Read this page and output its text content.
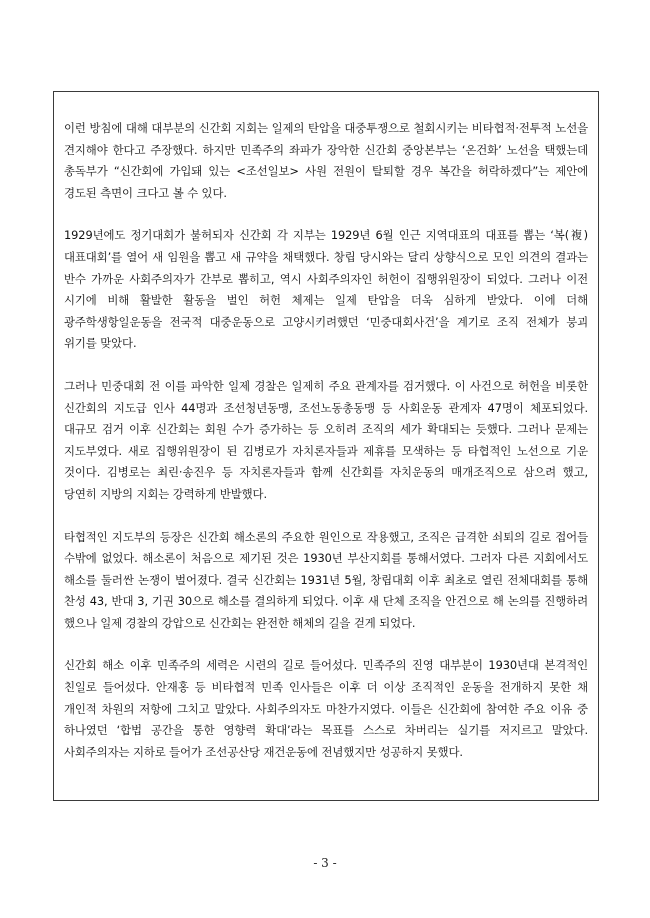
이런 방침에 대해 대부분의 신간회 지회는 일제의 탄압을 대중투쟁으로 철회시키는 비타협적·전투적 노선을 견지해야 한다고 주장했다. 하지만 민족주의 좌파가 장악한 신간회 중앙본부는 ‘온건화’ 노선을 택했는데 총독부가 “신간회에 가입돼 있는 <조선일보> 사원 전원이 탈퇴할 경우 복간을 허락하겠다”는 제안에 경도된 측면이 크다고 볼 수 있다.

1929년에도 정기대회가 불허되자 신간회 각 지부는 1929년 6월 인근 지역대표의 대표를 뽑는 ‘복(複)대표대회’를 열어 새 임원을 뽑고 새 규약을 채택했다. 창립 당시와는 달리 상향식으로 모인 의견의 결과는 반수 가까운 사회주의자가 간부로 뽑히고, 역시 사회주의자인 허헌이 집행위원장이 되었다. 그러나 이전 시기에 비해 활발한 활동을 벌인 허헌 체제는 일제 탄압을 더욱 심하게 받았다. 이에 더해 광주학생항일운동을 전국적 대중운동으로 고양시키려했던 ‘민중대회사건’을 계기로 조직 전체가 붕괴 위기를 맞았다.

그러나 민중대회 전 이를 파악한 일제 경찰은 일제히 주요 관계자를 검거했다. 이 사건으로 허헌을 비롯한 신간회의 지도급 인사 44명과 조선청년동맹, 조선노동총동맹 등 사회운동 관계자 47명이 체포되었다. 대규모 검거 이후 신간회는 회원 수가 증가하는 등 오히려 조직의 세가 확대되는 듯했다. 그러나 문제는 지도부였다. 새로 집행위원장이 된 김병로가 자치론자들과 제휴를 모색하는 등 타협적인 노선으로 기운 것이다. 김병로는 최린·송진우 등 자치론자들과 함께 신간회를 자치운동의 매개조직으로 삼으려 했고, 당연히 지방의 지회는 강력하게 반발했다.

타협적인 지도부의 등장은 신간회 해소론의 주요한 원인으로 작용했고, 조직은 급격한 쇠퇴의 길로 접어들 수밖에 없었다. 해소론이 처음으로 제기된 것은 1930년 부산지회를 통해서였다. 그러자 다른 지회에서도 해소를 둘러싼 논쟁이 벌어졌다. 결국 신간회는 1931년 5월, 창립대회 이후 최초로 열린 전체대회를 통해 찬성 43, 반대 3, 기권 30으로 해소를 결의하게 되었다. 이후 새 단체 조직을 안건으로 해 논의를 진행하려 했으나 일제 경찰의 강압으로 신간회는 완전한 해체의 길을 걷게 되었다.

신간회 해소 이후 민족주의 세력은 시련의 길로 들어섰다. 민족주의 진영 대부분이 1930년대 본격적인 친일로 들어섰다. 안재홍 등 비타협적 민족 인사들은 이후 더 이상 조직적인 운동을 전개하지 못한 채 개인적 차원의 저항에 그치고 말았다. 사회주의자도 마찬가지였다. 이들은 신간회에 참여한 주요 이유 중 하나였던 ‘합법 공간을 통한 영향력 확대’라는 목표를 스스로 차버리는 실기를 저지르고 말았다. 사회주의자는 지하로 들어가 조선공산당 재건운동에 전념했지만 성공하지 못했다.

- 3 -
